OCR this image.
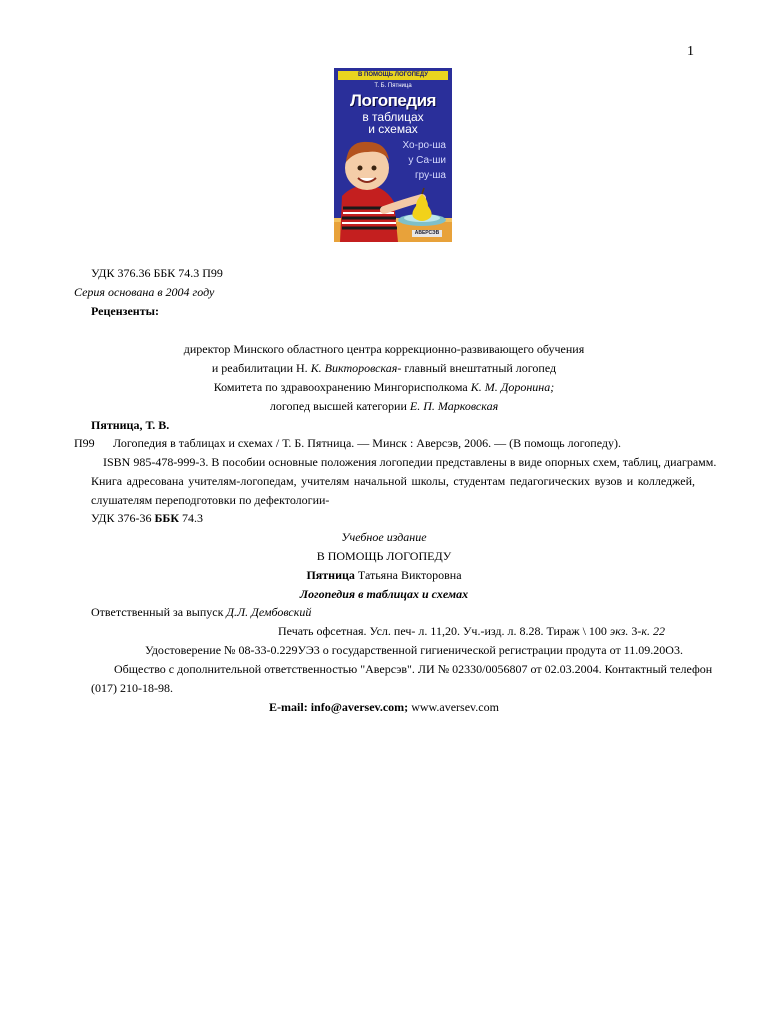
1
В ПОМОЩЬ ЛОГОПЕДУ
Т. Б. Пятница
Логопедия
в таблицах
и схемах
Хо-ро-ша
у Са-ши
гру-ша
АВЕРСЭВ
УДК 376.36 ББК 74.3 П99
Серия основана в 2004 году
Рецензенты:
директор Минского областного центра коррекционно-развивающего обучения
и реабилитации Н. К. Викторовская- главный внештатный логопед
Комитета по здравоохранению Мингорисполкома К. М. Доронина;
логопед высшей категории Е. П. Марковская
Пятница, Т. В.
П99 Логопедия в таблицах и схемах / Т. Б. Пятница. — Минск : Аверсэв, 2006. — (В помощь логопеду).
ISBN 985-478-999-3. В пособии основные положения логопедии представлены в виде опорных схем, таблиц, диаграмм.
Книга адресована учителям-логопедам, учителям начальной школы, студентам педагогических вузов и колледжей,
слушателям переподготовки по дефектологии-
УДК 376-36 ББК 74.3
Учебное издание
В ПОМОЩЬ ЛОГОПЕДУ
Пятница Татьяна Викторовна
Логопедия в таблицах и схемах
Ответственный за выпуск Д.Л. Дембовский
Печать офсетная. Усл. печ- л. 11,20. Уч.-изд. л. 8.28. Тираж \ 100 экз. 3-к. 22
Удостоверение № 08-33-0.229УЭ3 о государственной гигиенической регистрации продута от 11.09.20О3.
Общество с дополнительной ответственностью "Аверсэв". ЛИ № 02330/0056807 от 02.03.2004. Контактный телефон
(017) 210-18-98.
E-mail: info@aversev.com; www.aversev.com
